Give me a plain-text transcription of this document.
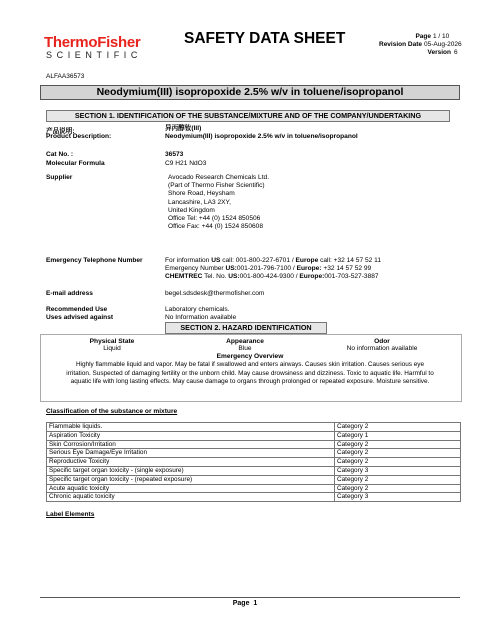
ThermoFisher
SCIENTIFIC
SAFETY DATA SHEET	Page 1 / 10
Revision Date 05-Aug-2026
Version 6
ALFAA36573
Neodymium(III) isopropoxide 2.5% w/v in toluene/isopropanol
SECTION 1. IDENTIFICATION OF THE SUBSTANCE/MIXTURE AND OF THE COMPANY/UNDERTAKING
产品说明:
Product Description:
异丙醇钕(III)
Neodymium(III) isopropoxide 2.5% w/v in toluene/isopropanol
Cat No. :	36573
Molecular Formula	C9 H21 NdO3
Supplier	Avocado Research Chemicals Ltd.
(Part of Thermo Fisher Scientific)
Shore Road, Heysham
Lancashire, LA3 2XY,
United Kingdom
Office Tel: +44 (0) 1524 850506
Office Fax: +44 (0) 1524 850608
Emergency Telephone Number	For information US call: 001-800-227-6701 / Europe call: +32 14 57 52 11
Emergency Number US:001-201-796-7100 / Europe: +32 14 57 52 99
CHEMTREC Tel. No. US:001-800-424-9300 / Europe:001-703-527-3887
E-mail address	begel.sdsdesk@thermofisher.com
Recommended Use	Laboratory chemicals.
Uses advised against	No Information available
SECTION 2. HAZARD IDENTIFICATION
Physical State
Liquid
Appearance
Blue
Odor
No information available
Emergency Overview
Highly flammable liquid and vapor. May be fatal if swallowed and enters airways. Causes skin irritation. Causes serious eye
irritation. Suspected of damaging fertility or the unborn child. May cause drowsiness and dizziness. Toxic to aquatic life. Harmful to
aquatic life with long lasting effects. May cause damage to organs through prolonged or repeated exposure. Moisture sensitive.
Classification of the substance or mixture
Flammable liquids.	Category 2
Aspiration Toxicity	Category 1
Skin Corrosion/Irritation	Category 2
Serious Eye Damage/Eye Irritation	Category 2
Reproductive Toxicity	Category 2
Specific target organ toxicity - (single exposure)	Category 3
Specific target organ toxicity - (repeated exposure)	Category 2
Acute aquatic toxicity	Category 2
Chronic aquatic toxicity	Category 3
Label Elements
Page 1
